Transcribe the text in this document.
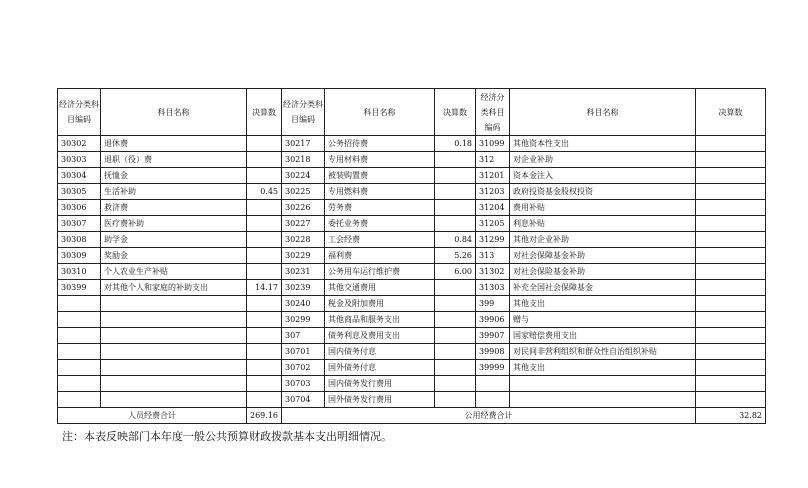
经济分类科目编码	科目名称	决算数	经济分类科目编码	科目名称	决算数	经济分类科目编码	科目名称	决算数
30302	退休费		30217	公务招待费	0.18	31099	其他资本性支出	
30303	退职（役）费		30218	专用材料费		312	对企业补助	
30304	抚恤金		30224	被装购置费		31201	资本金注入	
30305	生活补助	0.45	30225	专用燃料费		31203	政府投资基金股权投资	
30306	救济费		30226	劳务费		31204	费用补贴	
30307	医疗费补助		30227	委托业务费		31205	利息补贴	
30308	助学金		30228	工会经费	0.84	31299	其他对企业补助	
30309	奖励金		30229	福利费	5.26	313	对社会保障基金补助	
30310	个人农业生产补贴		30231	公务用车运行维护费	6.00	31302	对社会保险基金补助	
30399	对其他个人和家庭的补助支出	14.17	30239	其他交通费用		31303	补充全国社会保障基金	
			30240	税金及附加费用		399	其他支出	
			30299	其他商品和服务支出		39906	赠与	
			307	债务利息及费用支出		39907	国家赔偿费用支出	
			30701	国内债务付息		39908	对民间非营利组织和群众性自治组织补贴	
			30702	国外债务付息		39999	其他支出	
			30703	国内债务发行费用				
			30704	国外债务发行费用				
人员经费合计		269.16	公用经费合计					32.82
注：本表反映部门本年度一般公共预算财政拨款基本支出明细情况。
